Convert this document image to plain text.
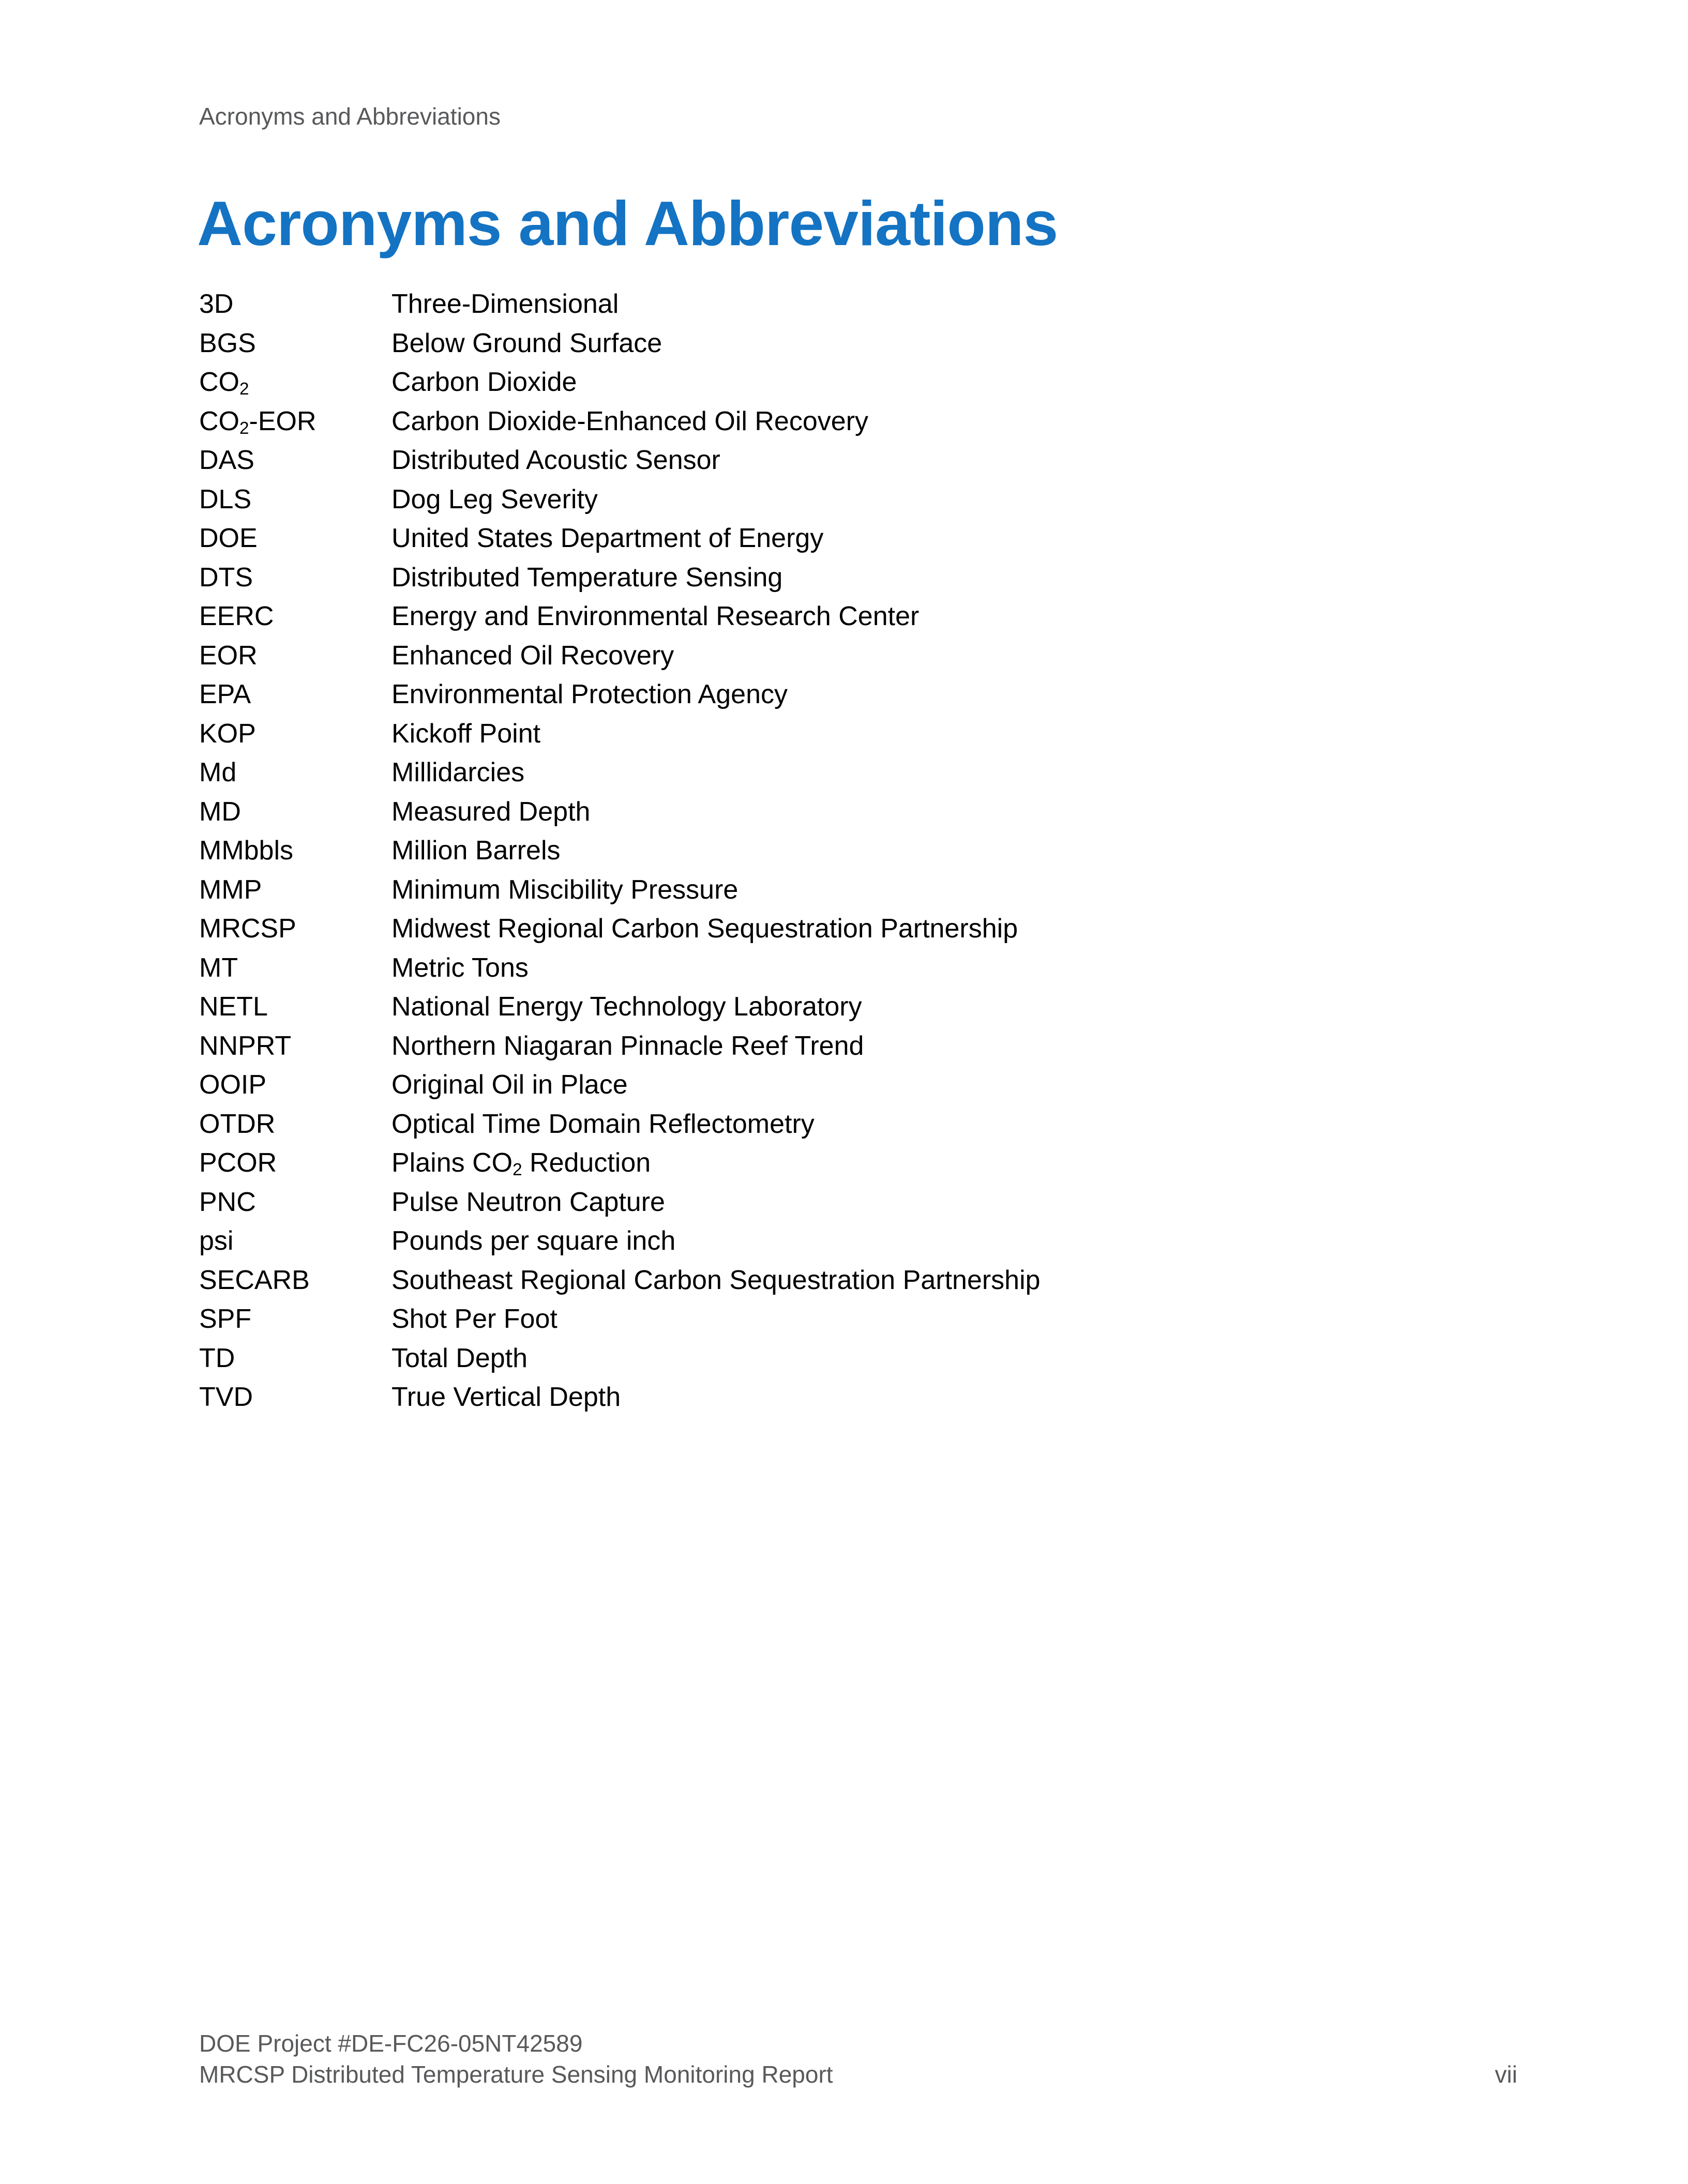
Acronyms and Abbreviations
Acronyms and Abbreviations
3D	Three-Dimensional
BGS	Below Ground Surface
$CO_2$	Carbon Dioxide
$CO_2$-EOR	Carbon Dioxide-Enhanced Oil Recovery
DAS	Distributed Acoustic Sensor
DLS	Dog Leg Severity
DOE	United States Department of Energy
DTS	Distributed Temperature Sensing
EERC	Energy and Environmental Research Center
EOR	Enhanced Oil Recovery
EPA	Environmental Protection Agency
KOP	Kickoff Point
Md	Millidarcies
MD	Measured Depth
MMbbls	Million Barrels
MMP	Minimum Miscibility Pressure
MRCSP	Midwest Regional Carbon Sequestration Partnership
MT	Metric Tons
NETL	National Energy Technology Laboratory
NNPRT	Northern Niagaran Pinnacle Reef Trend
OOIP	Original Oil in Place
OTDR	Optical Time Domain Reflectometry
PCOR	Plains $CO_2$ Reduction
PNC	Pulse Neutron Capture
psi	Pounds per square inch
SECARB	Southeast Regional Carbon Sequestration Partnership
SPF	Shot Per Foot
TD	Total Depth
TVD	True Vertical Depth
DOE Project #DE-FC26-05NT42589
MRCSP Distributed Temperature Sensing Monitoring Report	vii
